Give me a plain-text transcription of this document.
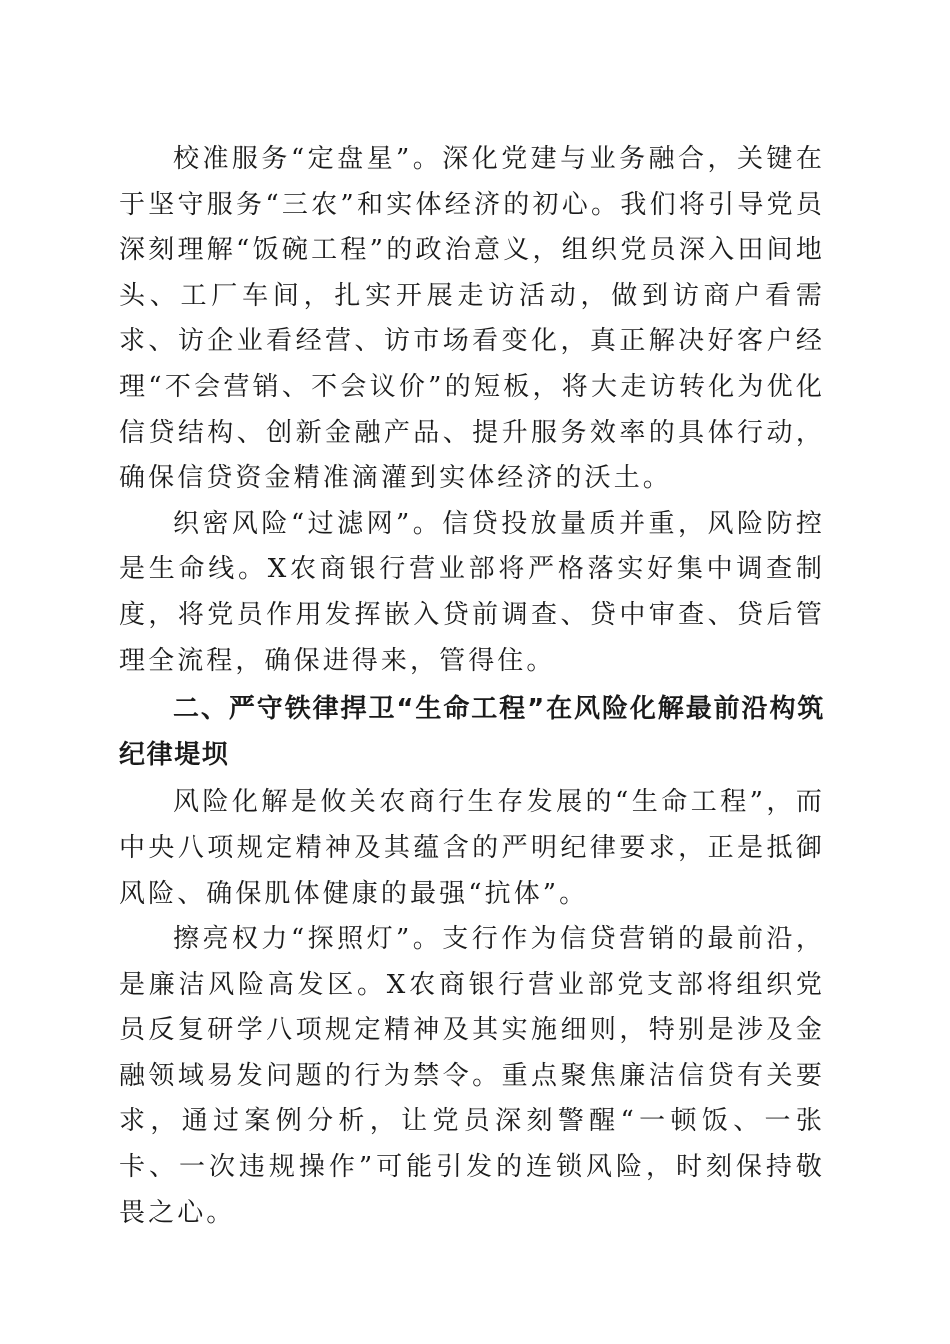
校准服务“定盘星”。深化党建与业务融合，关键在于坚守服务“三农”和实体经济的初心。我们将引导党员深刻理解“饭碗工程”的政治意义，组织党员深入田间地头、工厂车间，扎实开展走访活动，做到访商户看需求、访企业看经营、访市场看变化，真正解决好客户经理“不会营销、不会议价”的短板，将大走访转化为优化信贷结构、创新金融产品、提升服务效率的具体行动，确保信贷资金精准滴灌到实体经济的沃土。

织密风险“过滤网”。信贷投放量质并重，风险防控是生命线。X农商银行营业部将严格落实好集中调查制度，将党员作用发挥嵌入贷前调查、贷中审查、贷后管理全流程，确保进得来，管得住。

二、严守铁律捍卫“生命工程”在风险化解最前沿构筑纪律堤坝

风险化解是攸关农商行生存发展的“生命工程”，而中央八项规定精神及其蕴含的严明纪律要求，正是抵御风险、确保肌体健康的最强“抗体”。

擦亮权力“探照灯”。支行作为信贷营销的最前沿，是廉洁风险高发区。X农商银行营业部党支部将组织党员反复研学八项规定精神及其实施细则，特别是涉及金融领域易发问题的行为禁令。重点聚焦廉洁信贷有关要求，通过案例分析，让党员深刻警醒“一顿饭、一张卡、一次违规操作”可能引发的连锁风险，时刻保持敬畏之心。
